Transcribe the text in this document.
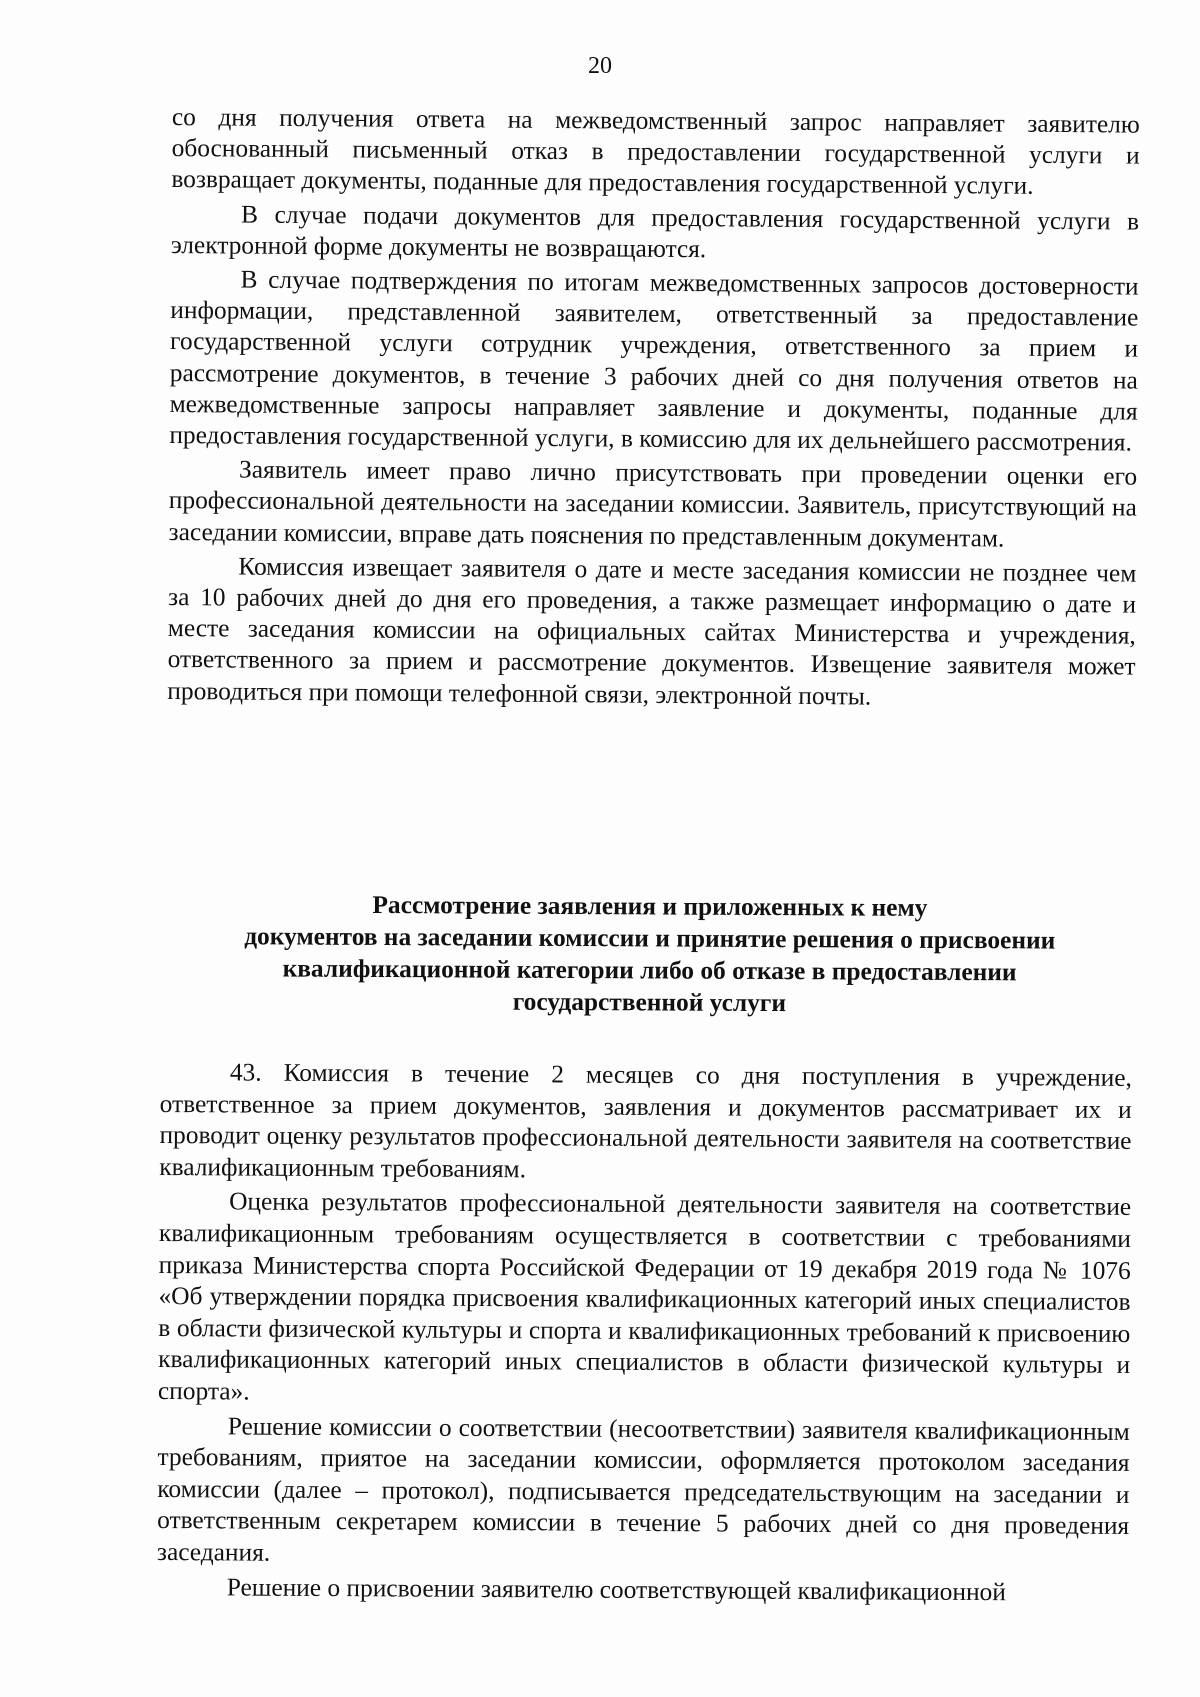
20

со дня получения ответа на межведомственный запрос направляет заявителю обоснованный письменный отказ в предоставлении государственной услуги и возвращает документы, поданные для предоставления государственной услуги.

В случае подачи документов для предоставления государственной услуги в электронной форме документы не возвращаются.

В случае подтверждения по итогам межведомственных запросов достоверности информации, представленной заявителем, ответственный за предоставление государственной услуги сотрудник учреждения, ответственного за прием и рассмотрение документов, в течение 3 рабочих дней со дня получения ответов на межведомственные запросы направляет заявление и документы, поданные для предоставления государственной услуги, в комиссию для их дельнейшего рассмотрения.

Заявитель имеет право лично присутствовать при проведении оценки его профессиональной деятельности на заседании комиссии. Заявитель, присутствующий на заседании комиссии, вправе дать пояснения по представленным документам.

Комиссия извещает заявителя о дате и месте заседания комиссии не позднее чем за 10 рабочих дней до дня его проведения, а также размещает информацию о дате и месте заседания комиссии на официальных сайтах Министерства и учреждения, ответственного за прием и рассмотрение документов. Извещение заявителя может проводиться при помощи телефонной связи, электронной почты.

Рассмотрение заявления и приложенных к нему
документов на заседании комиссии и принятие решения о присвоении
квалификационной категории либо об отказе в предоставлении
государственной услуги

43. Комиссия в течение 2 месяцев со дня поступления в учреждение, ответственное за прием документов, заявления и документов рассматривает их и проводит оценку результатов профессиональной деятельности заявителя на соответствие квалификационным требованиям.

Оценка результатов профессиональной деятельности заявителя на соответствие квалификационным требованиям осуществляется в соответствии с требованиями приказа Министерства спорта Российской Федерации от 19 декабря 2019 года № 1076 «Об утверждении порядка присвоения квалификационных категорий иных специалистов в области физической культуры и спорта и квалификационных требований к присвоению квалификационных категорий иных специалистов в области физической культуры и спорта».

Решение комиссии о соответствии (несоответствии) заявителя квалификационным требованиям, приятое на заседании комиссии, оформляется протоколом заседания комиссии (далее – протокол), подписывается председательствующим на заседании и ответственным секретарем комиссии в течение 5 рабочих дней со дня проведения заседания.

Решение о присвоении заявителю соответствующей квалификационной
